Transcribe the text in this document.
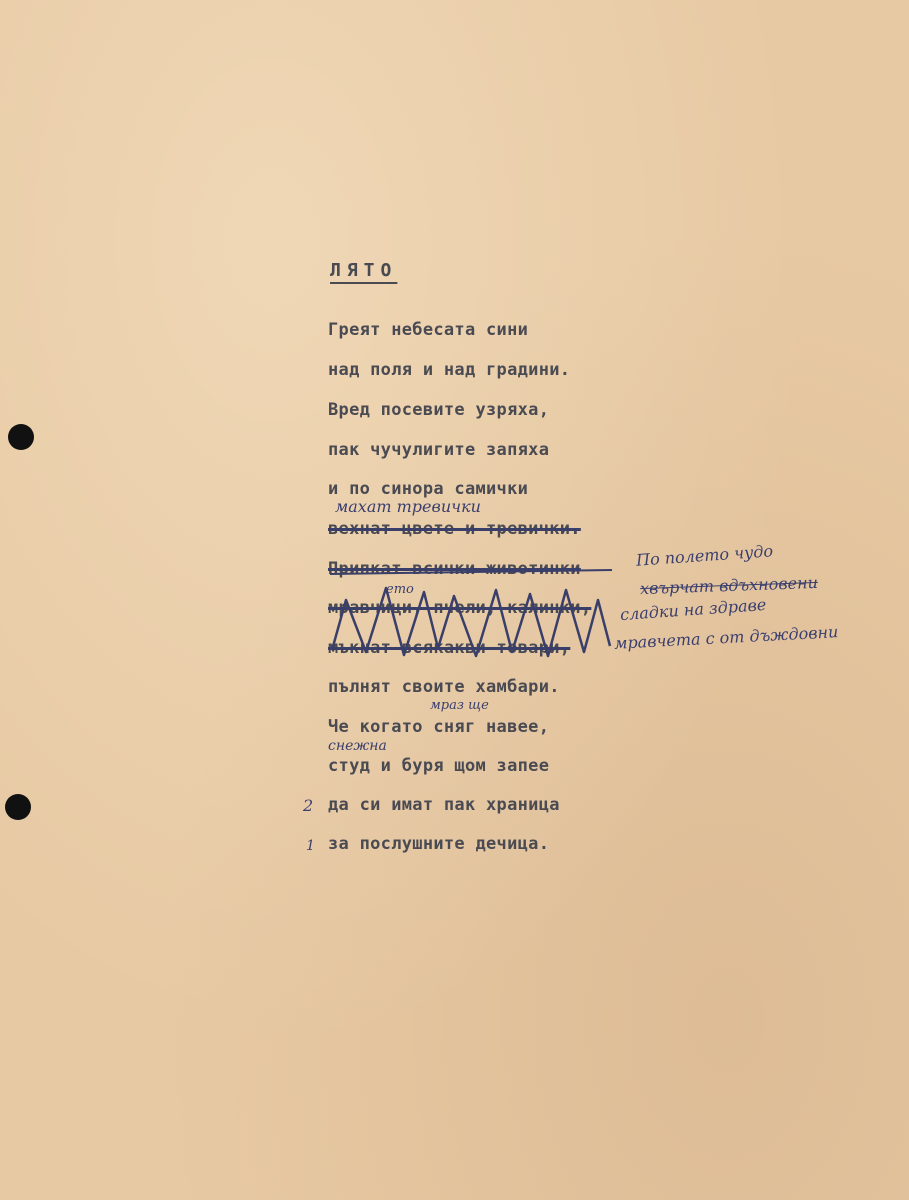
ЛЯТО
Греят небесата сини
над поля и над градини.
Вред посевите узряха,
пак чучулигите запяха
и по синора самички
махат тревички
вехнат цвете и тревички.
Припкат всички животинки
ето
мравчици, пчели, калинки,
мъкнат всякакви товари,
По полето чудо
хвърчат вдъхновени
сладки на здраве
мравчета с от дъждовни
пълнят своите хамбари.
мраз ще
Че когато сняг навее,
снежна
студ и буря щом запее
2 да си имат пак храница
1 за послушните дечица.
